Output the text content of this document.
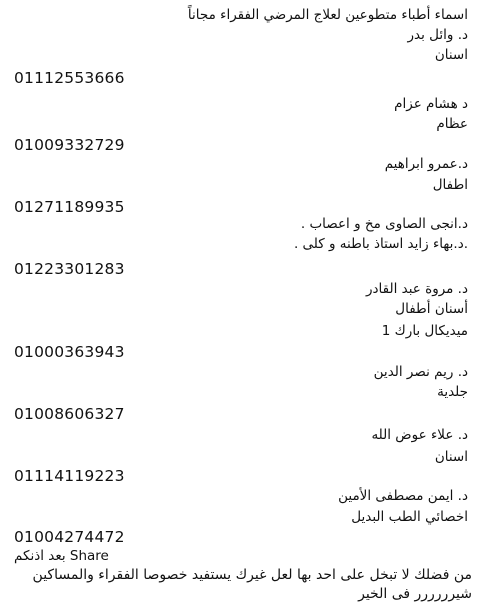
اسماء أطباء متطوعين لعلاج المرضي الفقراء مجاناً
د. وائل بدر
اسنان
01112553666
د هشام عزام
عظام
01009332729
د.عمرو ابراهيم
اطفال
01271189935
د.انجى الصاوى مخ و اعصاب .
.د.بهاء زايد استاذ باطنه و كلى .
01223301283
د. مروة عبد القادر
أسنان أطفال
ميديكال بارك 1
01000363943
د. ريم نصر الدين
جلدية
01008606327
د. علاء عوض الله
اسنان
01114119223
د. ايمن مصطفى الأمين
اخصائي الطب البديل
01004274472
بعد اذنكم Share
من فضلك لا تبخل على احد بها لعل غيرك يستفيد خصوصا الفقراء والمساكين
شيرررررر فى الخير
